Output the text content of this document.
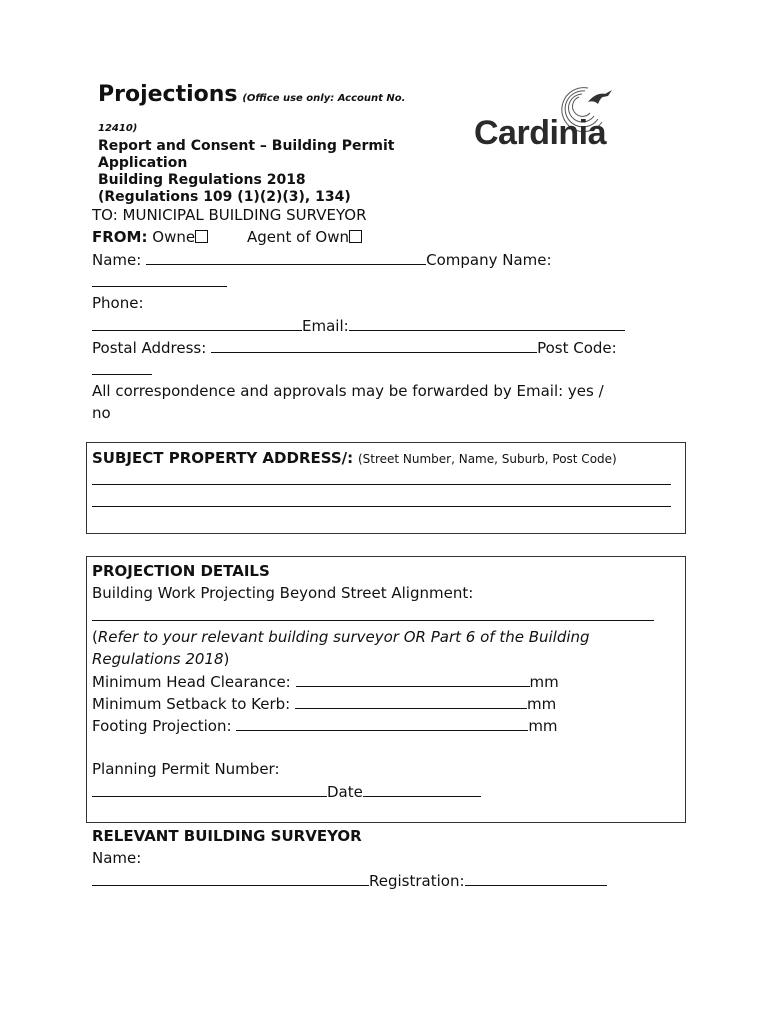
Projections (Office use only: Account No.
12410)
Report and Consent – Building Permit
Application
Building Regulations 2018
(Regulations 109 (1)(2)(3), 134)
Cardinia
TO: MUNICIPAL BUILDING SURVEYOR
FROM: Owne	Agent of Own
Name:	Company Name:
Phone:
Email:
Postal Address:	Post Code:
All correspondence and approvals may be forwarded by Email: yes /
no
SUBJECT PROPERTY ADDRESS/: (Street Number, Name, Suburb, Post Code)
PROJECTION DETAILS
Building Work Projecting Beyond Street Alignment:
(Refer to your relevant building surveyor OR Part 6 of the Building
Regulations 2018)
Minimum Head Clearance:	mm
Minimum Setback to Kerb:	mm
Footing Projection:	mm
Planning Permit Number:
Date
RELEVANT BUILDING SURVEYOR
Name:
Registration:
